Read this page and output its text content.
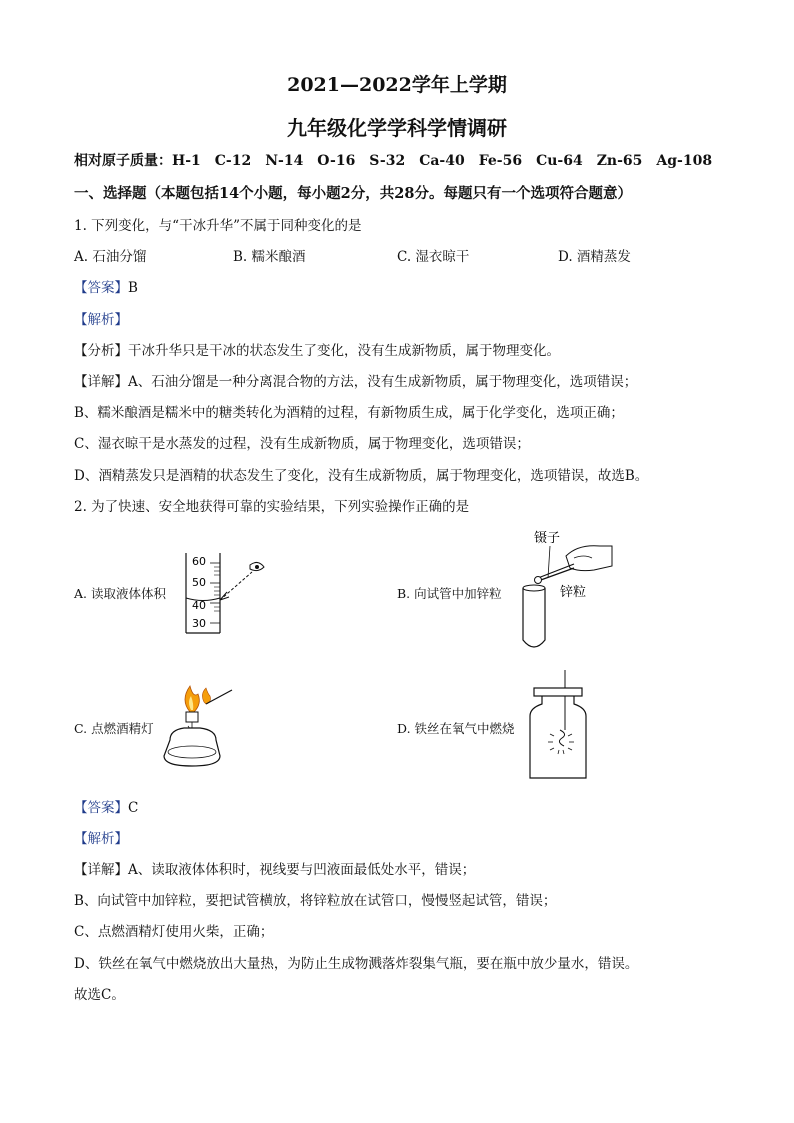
2021—2022学年上学期
九年级化学学科学情调研
相对原子质量：H-1　C-12　N-14　O-16　S-32　Ca-40　Fe-56　Cu-64　Zn-65　Ag-108
一、选择题（本题包括14个小题，每小题2分，共28分。每题只有一个选项符合题意）
1. 下列变化，与“干冰升华”不属于同种变化的是
A. 石油分馏	B. 糯米酿酒	C. 湿衣晾干	D. 酒精蒸发
【答案】B
【解析】
【分析】干冰升华只是干冰的状态发生了变化，没有生成新物质，属于物理变化。
【详解】A、石油分馏是一种分离混合物的方法，没有生成新物质，属于物理变化，选项错误；
B、糯米酿酒是糯米中的糖类转化为酒精的过程，有新物质生成，属于化学变化，选项正确；
C、湿衣晾干是水蒸发的过程，没有生成新物质，属于物理变化，选项错误；
D、酒精蒸发只是酒精的状态发生了变化，没有生成新物质，属于物理变化，选项错误，故选B。
2. 为了快速、安全地获得可靠的实验结果，下列实验操作正确的是
A. 读取液体体积
60
50
40
30
B. 向试管中加锌粒
镊子
锌粒
C. 点燃酒精灯	D. 铁丝在氧气中燃烧
【答案】C
【解析】
【详解】A、读取液体体积时，视线要与凹液面最低处水平，错误；
B、向试管中加锌粒，要把试管横放，将锌粒放在试管口，慢慢竖起试管，错误；
C、点燃酒精灯使用火柴，正确；
D、铁丝在氧气中燃烧放出大量热，为防止生成物溅落炸裂集气瓶，要在瓶中放少量水，错误。
故选C。
